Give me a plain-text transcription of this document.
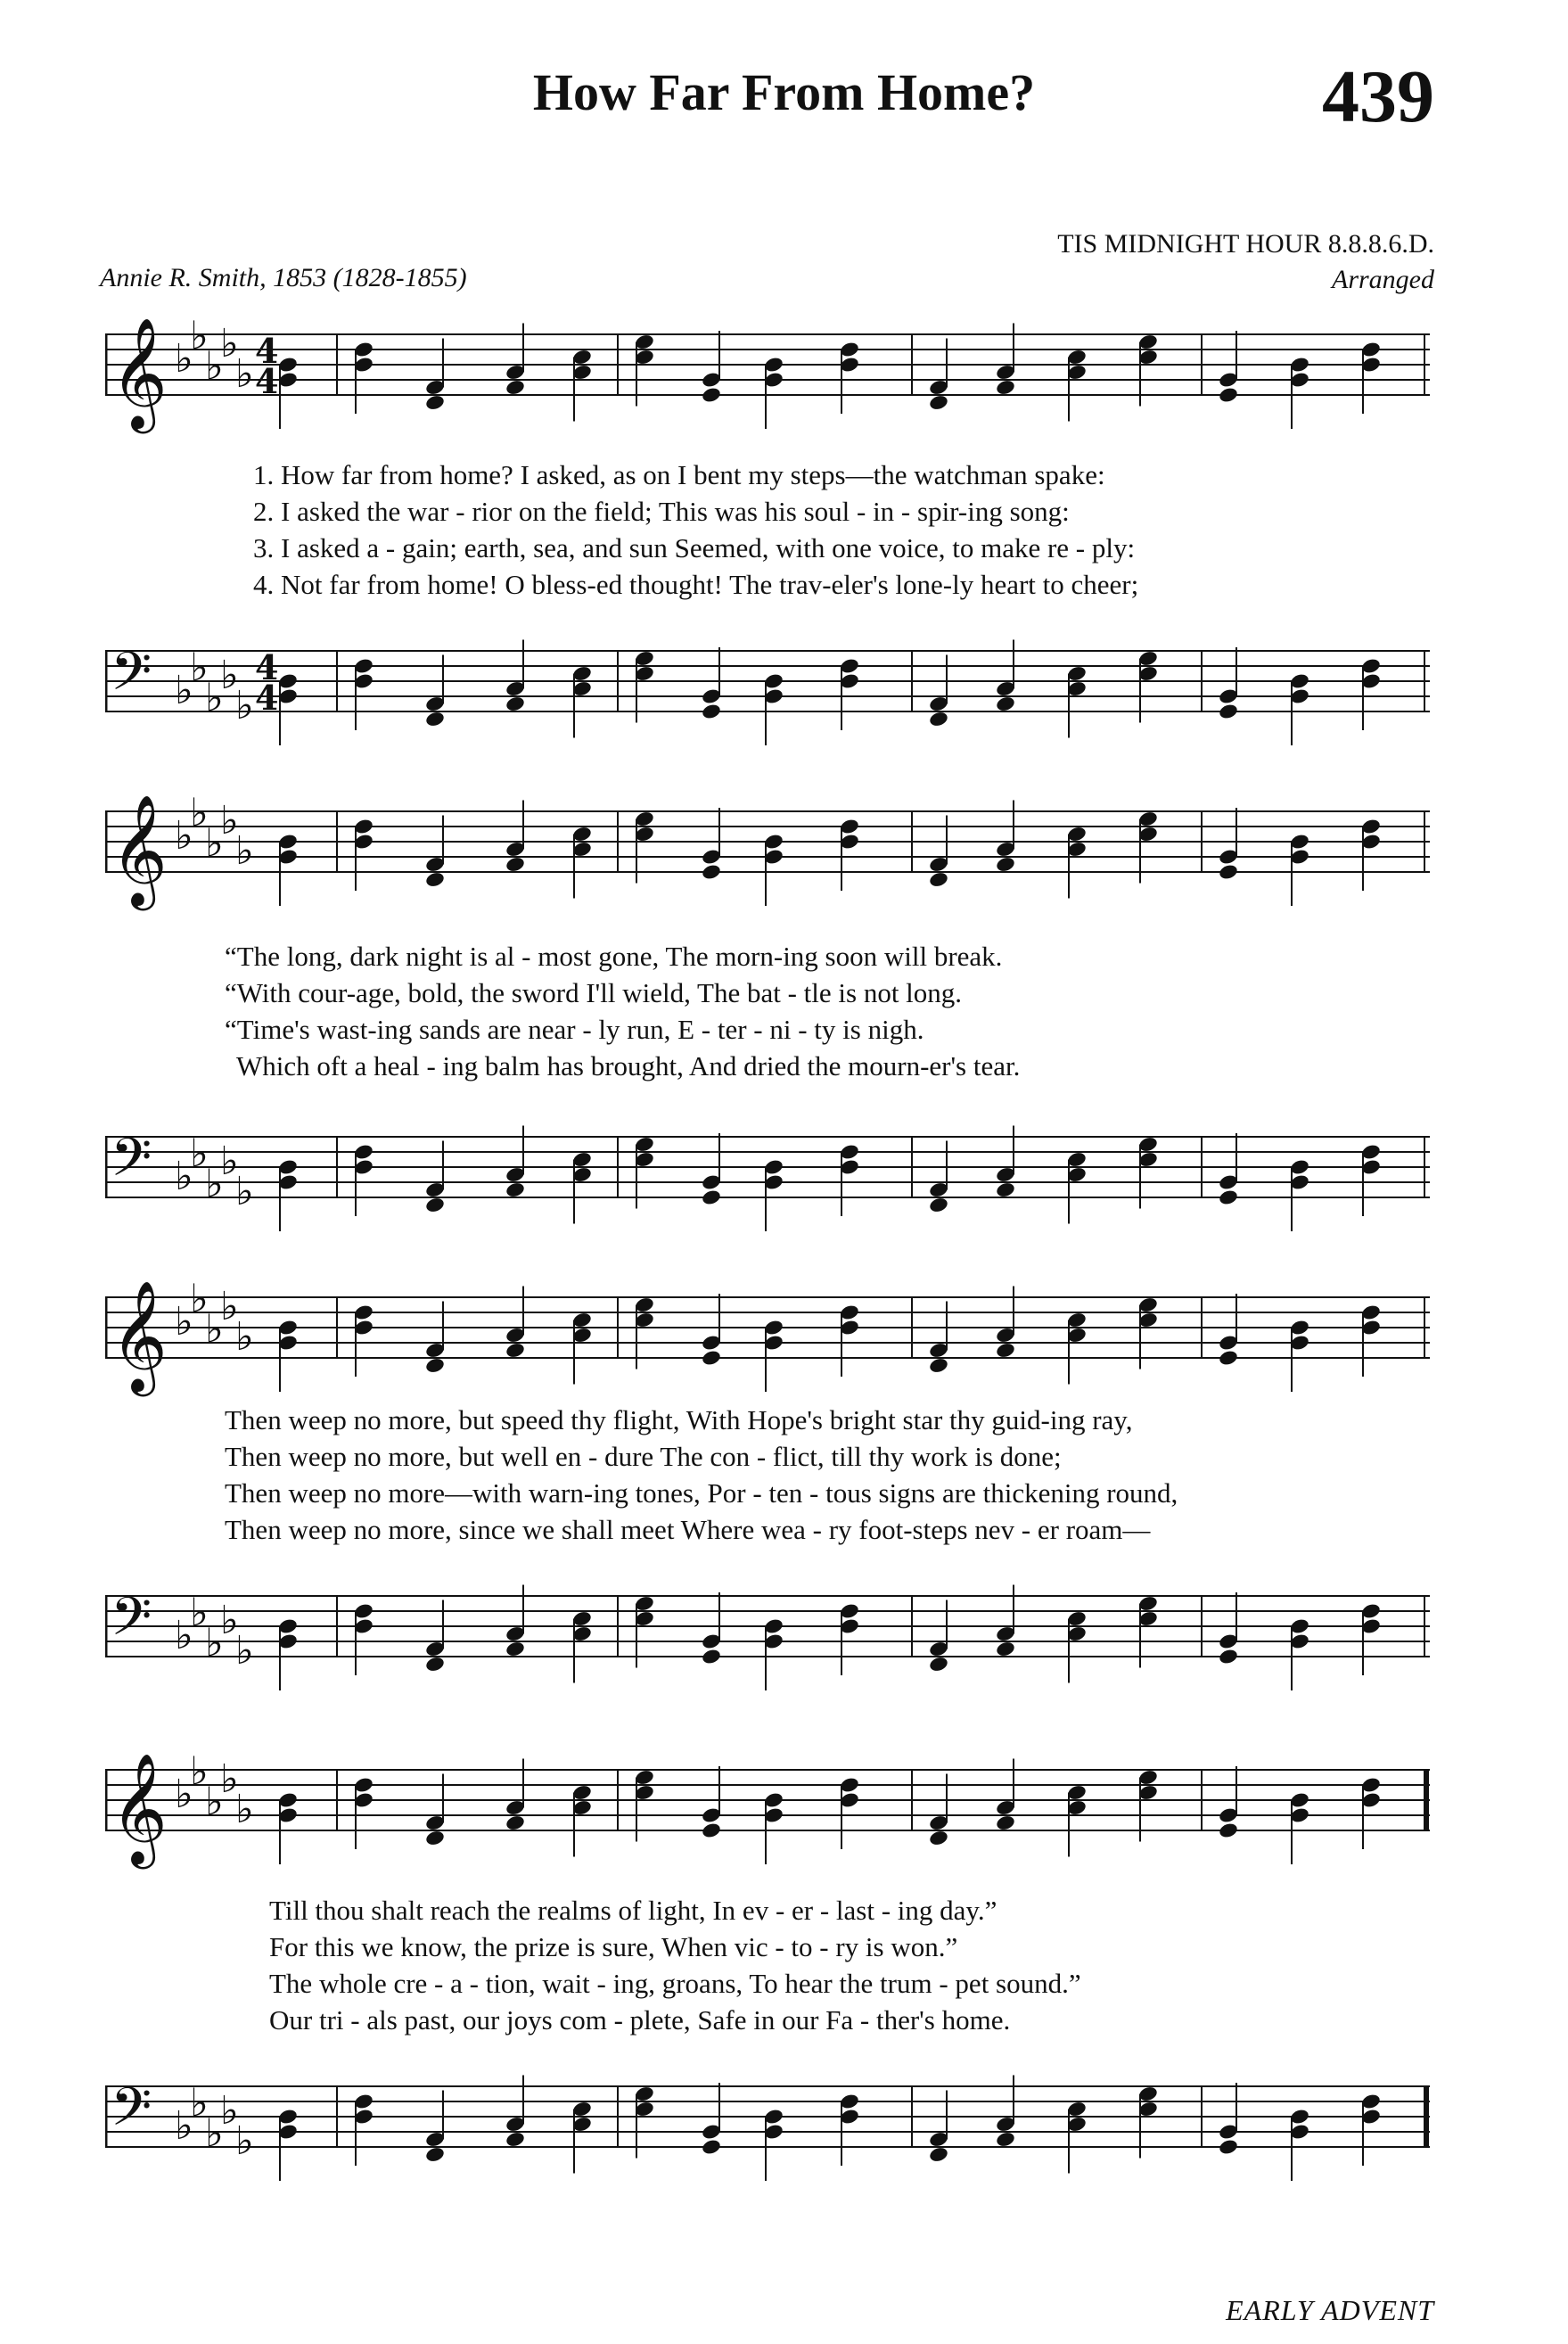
How Far From Home?	439
TIS MIDNIGHT HOUR 8.8.8.6.D.
Annie R. Smith, 1853 (1828-1855)	Arranged
𝄞 ♭
♭
♭
♭
♭
4
4
1. How far from home? I asked, as on I bent my steps—the watchman spake:
2. I asked the war - rior on the field; This was his soul - in - spir-ing song:
3. I asked a - gain; earth, sea, and sun Seemed, with one voice, to make re - ply:
4. Not far from home! O bless-ed thought! The trav-eler's lone-ly heart to cheer;
𝄢 ♭
♭
♭
♭
♭
4
4
𝄞 ♭
♭
♭
♭
♭
“The long, dark night is al - most gone, The morn-ing soon will break.
“With cour-age, bold, the sword I'll wield, The bat - tle is not long.
“Time's wast-ing sands are near - ly run, E - ter - ni - ty is nigh.
Which oft a heal - ing balm has brought, And dried the mourn-er's tear.
𝄢 ♭
♭
♭
♭
♭
𝄞 ♭
♭
♭
♭
♭
Then weep no more, but speed thy flight, With Hope's bright star thy guid-ing ray,
Then weep no more, but well en - dure The con - flict, till thy work is done;
Then weep no more—with warn-ing tones, Por - ten - tous signs are thickening round,
Then weep no more, since we shall meet Where wea - ry foot-steps nev - er roam—
𝄢 ♭
♭
♭
♭
♭
𝄞 ♭
♭
♭
♭
♭
Till thou shalt reach the realms of light, In ev - er - last - ing day.”
For this we know, the prize is sure, When vic - to - ry is won.”
The whole cre - a - tion, wait - ing, groans, To hear the trum - pet sound.”
Our tri - als past, our joys com - plete, Safe in our Fa - ther's home.
𝄢 ♭
♭
♭
♭
♭
EARLY ADVENT
